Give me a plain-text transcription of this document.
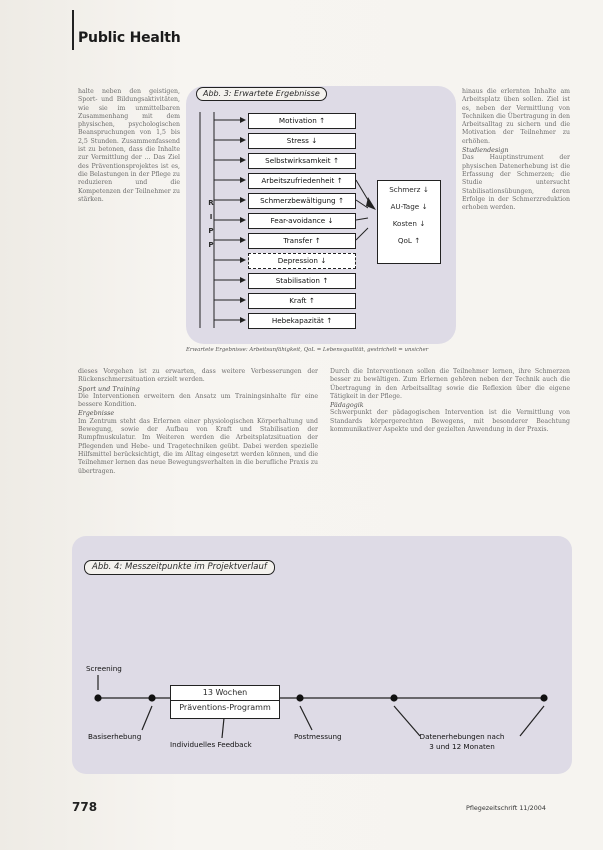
Public Health

halte neben den geistigen, Sport- und Bildungsaktivitäten, wie sie im unmittelbaren Zusammenhang mit dem physischen, psychologischen Beanspruchungen von 1,5 bis 2,5 Stunden. Zusammenfassend ist zu betonen, dass die Inhalte zur Vermittlung der ... Das Ziel des Präventionsprojektes ist es, die Belastungen in der Pflege zu reduzieren und die Kompetenzen der Teilnehmer zu stärken.

hinaus die erlernten Inhalte am Arbeitsplatz üben sollen. Ziel ist es, neben der Vermittlung von Techniken die Übertragung in den Arbeitsalltag zu sichern und die Motivation der Teilnehmer zu erhöhen.

Studiendesign

Das Hauptinstrument der physischen Datenerhebung ist die Erfassung der Schmerzen; die Studie untersucht Stabilisationsübungen, deren Erfolge in der Schmerzreduktion erhoben werden.

Abb. 3: Erwartete Ergebnisse
R
I
P
P
Motivation ↑
Stress ↓
Selbstwirksamkeit ↑
Arbeitszufriedenheit ↑
Schmerzbewältigung ↑
Fear-avoidance ↓
Transfer ↑
Depression ↓
Stabilisation ↑
Kraft ↑
Hebekapazität ↑
Schmerz ↓
AU-Tage ↓
Kosten ↓
QoL ↑
Erwartete Ergebnisse: Arbeitsunfähigkeit, QoL = Lebensqualität, gestrichelt = unsicher

dieses Vorgehen ist zu erwarten, dass weitere Verbesserungen der Rückenschmerzsituation erzielt werden.

Sport und Training

Die Interventionen erweitern den Ansatz um Trainingsinhalte für eine bessere Kondition.

Ergebnisse

Im Zentrum steht das Erlernen einer physiologischen Körperhaltung und Bewegung, sowie der Aufbau von Kraft und Stabilisation der Rumpfmuskulatur. Im Weiteren werden die Arbeitsplatzsituation der Pflegenden und Hebe- und Tragetechniken geübt. Dabei werden spezielle Hilfsmittel berücksichtigt, die im Alltag eingesetzt werden können, und die Teilnehmer lernen das neue Bewegungsverhalten in die berufliche Praxis zu übertragen.

Durch die Interventionen sollen die Teilnehmer lernen, ihre Schmerzen besser zu bewältigen. Zum Erlernen gehören neben der Technik auch die Übertragung in den Arbeitsalltag sowie die Reflexion über die eigene Tätigkeit in der Pflege.

Pädagogik

Schwerpunkt der pädagogischen Intervention ist die Vermittlung von Standards körpergerechten Bewegens, mit besonderer Beachtung kommunikativer Aspekte und der gezielten Anwendung in der Praxis.

Abb. 4: Messzeitpunkte im Projektverlauf
13 Wochen
Präventions-Programm
Screening
Basiserhebung
Individuelles Feedback
Postmessung	Datenerhebungen nach
3 und 12 Monaten
778	Pflegezeitschrift 11/2004
